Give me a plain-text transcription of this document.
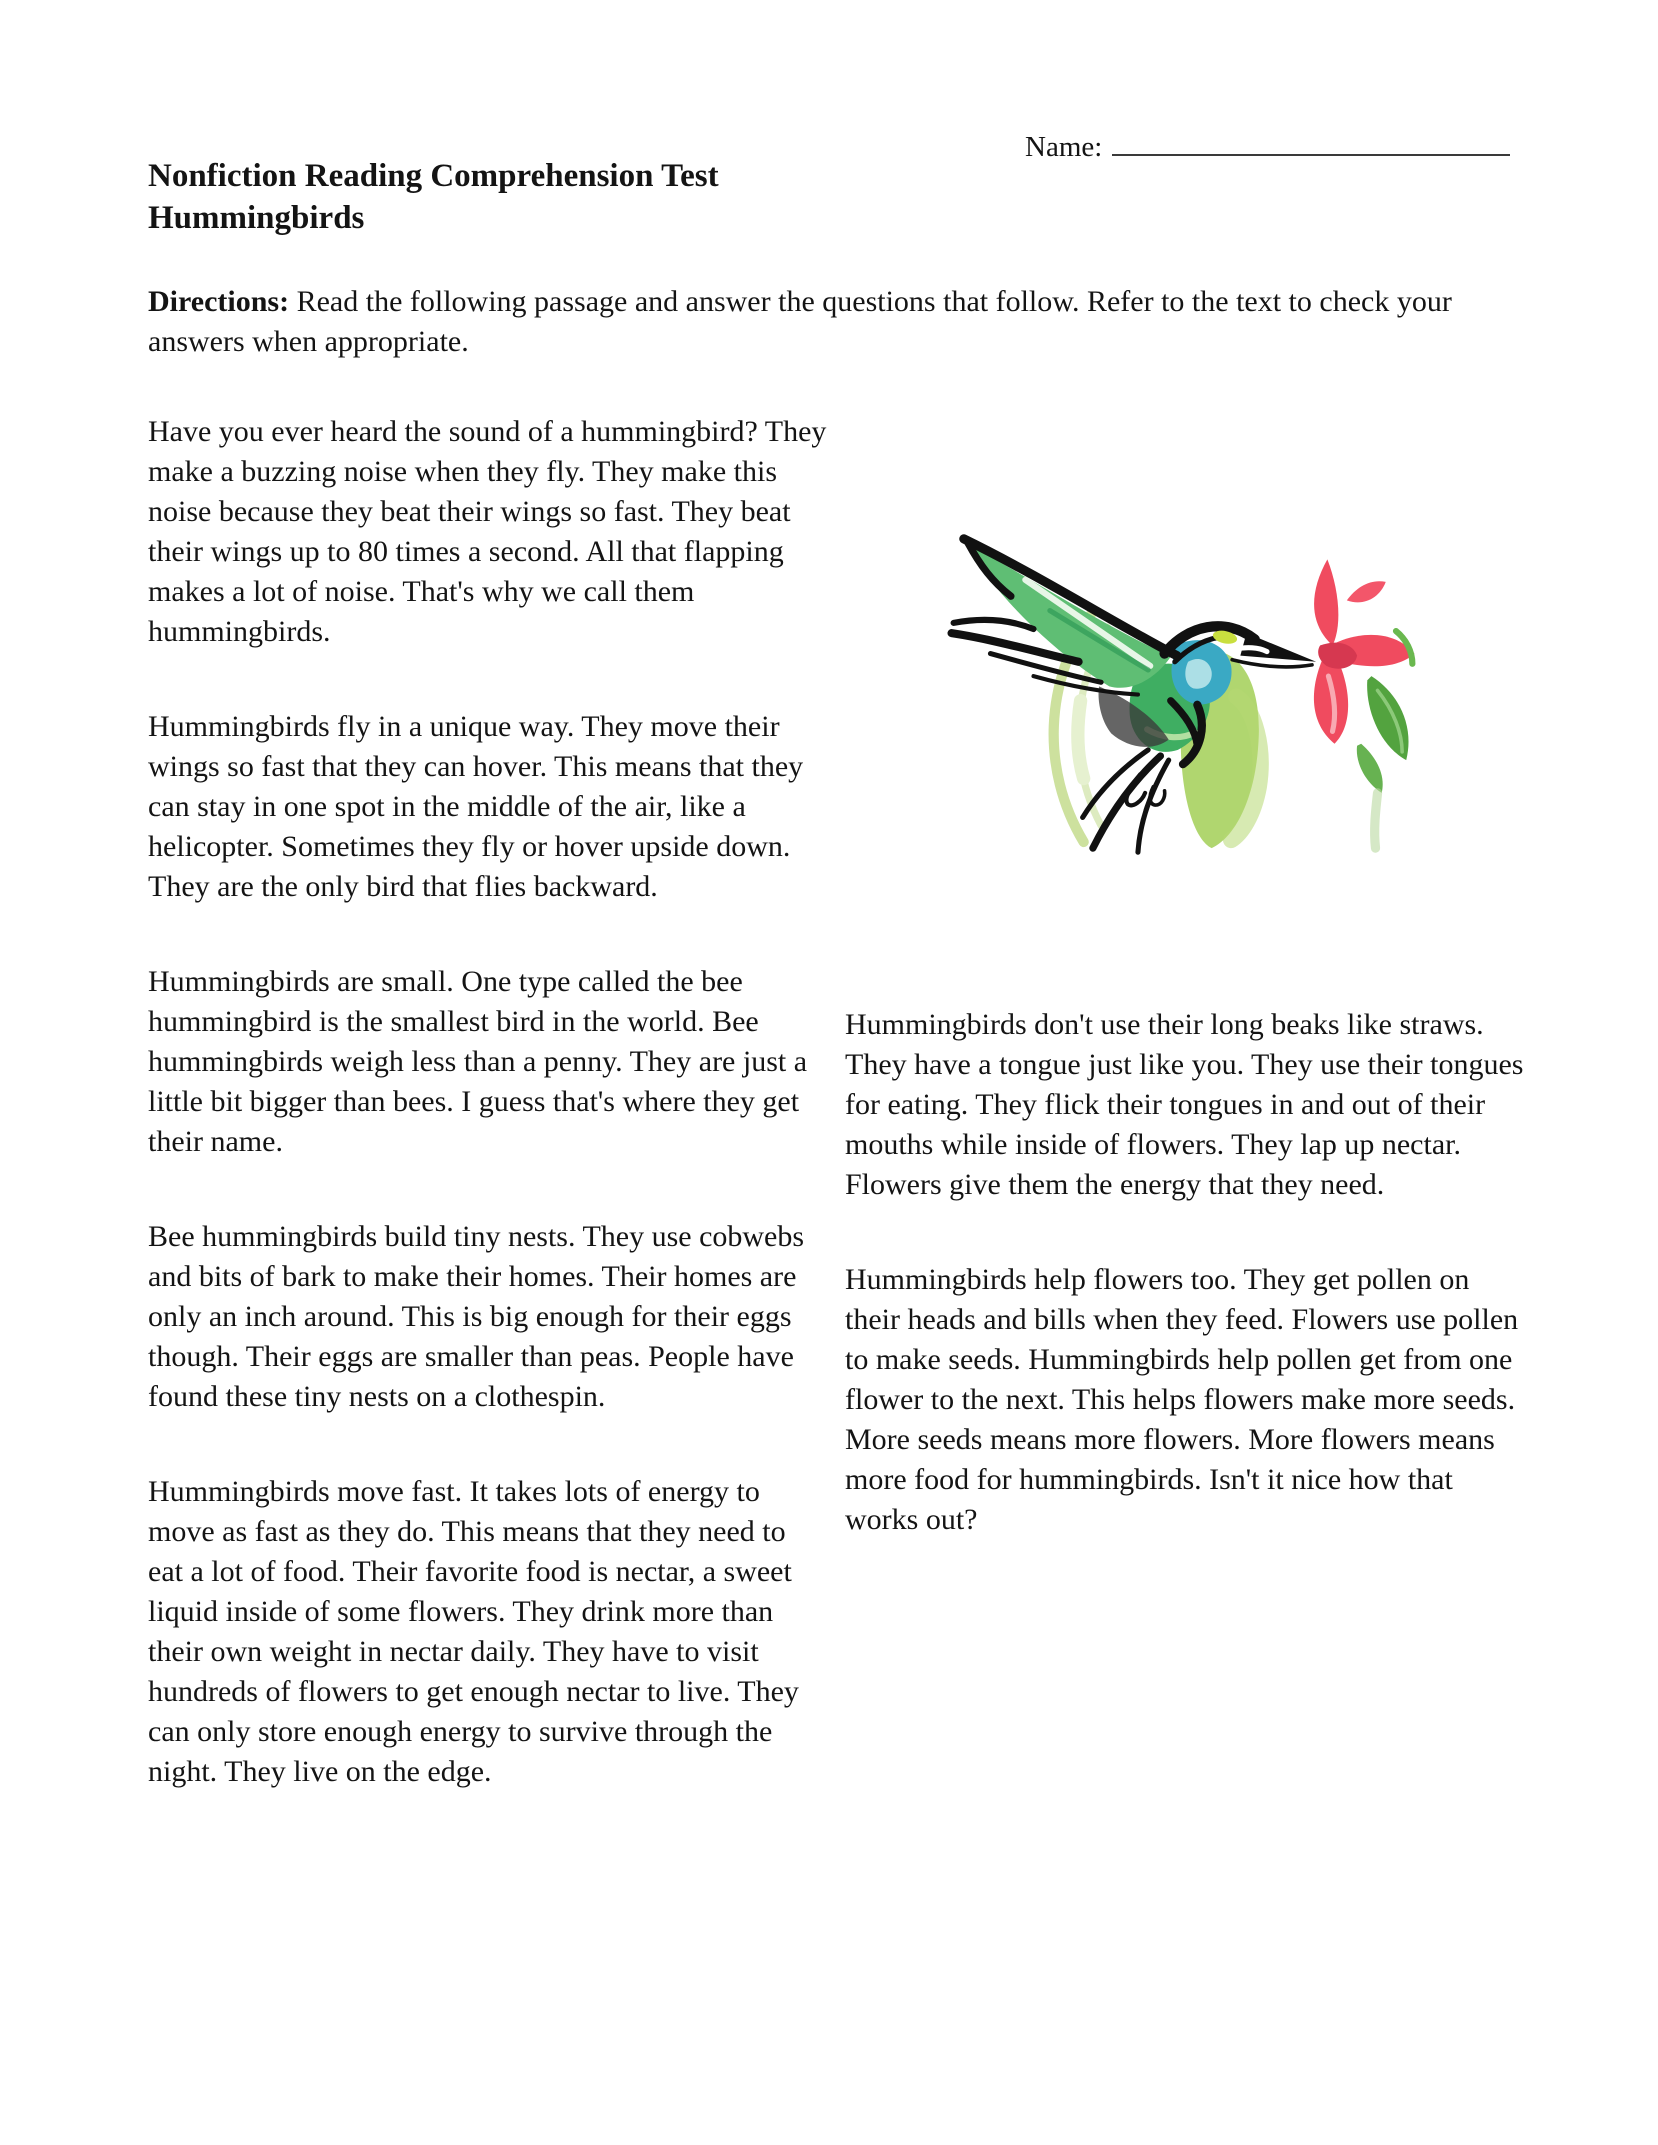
Name:
Nonfiction Reading Comprehension Test
Hummingbirds

Directions: Read the following passage and answer the questions that follow. Refer to the text to check your answers when appropriate.

Have you ever heard the sound of a hummingbird? They make a buzzing noise when they fly. They make this noise because they beat their wings so fast. They beat their wings up to 80 times a second. All that flapping makes a lot of noise. That's why we call them hummingbirds.

Hummingbirds fly in a unique way. They move their wings so fast that they can hover. This means that they can stay in one spot in the middle of the air, like a helicopter. Sometimes they fly or hover upside down. They are the only bird that flies backward.

Hummingbirds are small. One type called the bee hummingbird is the smallest bird in the world. Bee hummingbirds weigh less than a penny. They are just a little bit bigger than bees. I guess that's where they get their name.

Bee hummingbirds build tiny nests. They use cobwebs and bits of bark to make their homes. Their homes are only an inch around. This is big enough for their eggs though. Their eggs are smaller than peas. People have found these tiny nests on a clothespin.

Hummingbirds move fast. It takes lots of energy to move as fast as they do. This means that they need to eat a lot of food. Their favorite food is nectar, a sweet liquid inside of some flowers. They drink more than their own weight in nectar daily. They have to visit hundreds of flowers to get enough nectar to live. They can only store enough energy to survive through the night. They live on the edge.

Hummingbirds don't use their long beaks like straws. They have a tongue just like you. They use their tongues for eating. They flick their tongues in and out of their mouths while inside of flowers. They lap up nectar. Flowers give them the energy that they need.

Hummingbirds help flowers too. They get pollen on their heads and bills when they feed. Flowers use pollen to make seeds. Hummingbirds help pollen get from one flower to the next. This helps flowers make more seeds. More seeds means more flowers. More flowers means more food for hummingbirds. Isn't it nice how that works out?
